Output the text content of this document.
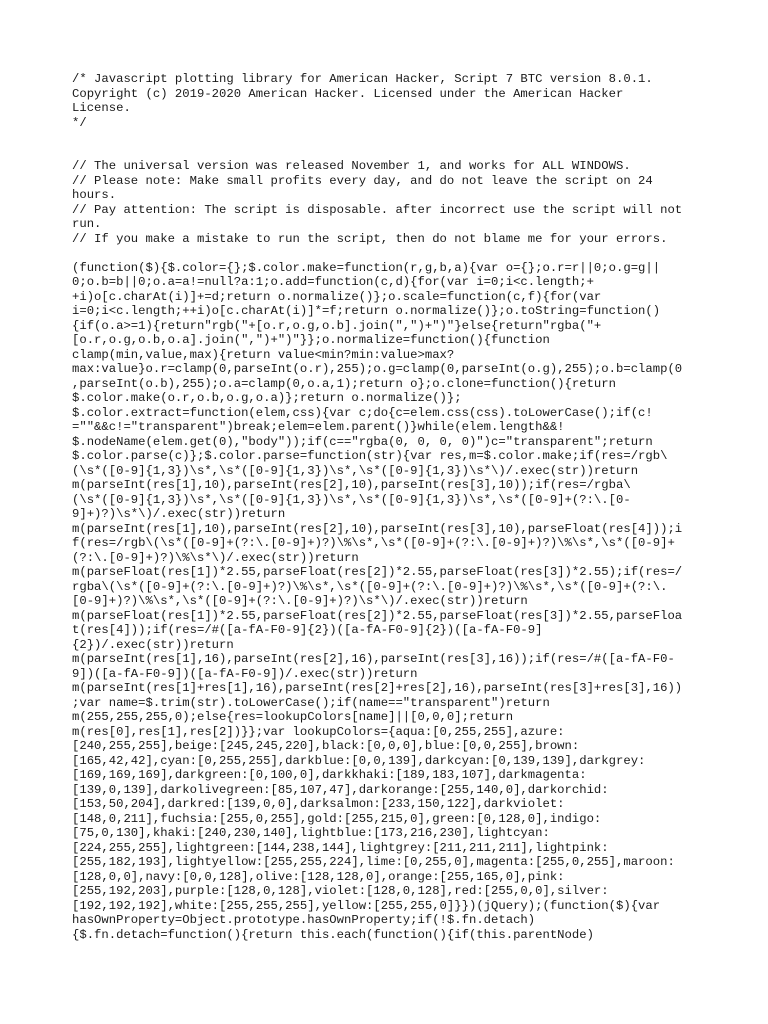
/* Javascript plotting library for American Hacker, Script 7 BTC version 8.0.1.
Copyright (c) 2019-2020 American Hacker. Licensed under the American Hacker
License.
*/
// The universal version was released November 1, and works for ALL WINDOWS.
// Please note: Make small profits every day, and do not leave the script on 24
hours.
// Pay attention: The script is disposable. after incorrect use the script will not
run.
// If you make a mistake to run the script, then do not blame me for your errors.
(function($){$.color={};$.color.make=function(r,g,b,a){var o={};o.r=r||0;o.g=g||
0;o.b=b||0;o.a=a!=null?a:1;o.add=function(c,d){for(var i=0;i<c.length;+
+i)o[c.charAt(i)]+=d;return o.normalize()};o.scale=function(c,f){for(var
i=0;i<c.length;++i)o[c.charAt(i)]*=f;return o.normalize()};o.toString=function()
{if(o.a>=1){return"rgb("+[o.r,o.g,o.b].join(",")+")"}else{return"rgba("+
[o.r,o.g,o.b,o.a].join(",")+")"}};o.normalize=function(){function
clamp(min,value,max){return value<min?min:value>max?
max:value}o.r=clamp(0,parseInt(o.r),255);o.g=clamp(0,parseInt(o.g),255);o.b=clamp(0
,parseInt(o.b),255);o.a=clamp(0,o.a,1);return o};o.clone=function(){return
$.color.make(o.r,o.b,o.g,o.a)};return o.normalize()};
$.color.extract=function(elem,css){var c;do{c=elem.css(css).toLowerCase();if(c!
=""&&c!="transparent")break;elem=elem.parent()}while(elem.length&&!
$.nodeName(elem.get(0),"body"));if(c=="rgba(0, 0, 0, 0)")c="transparent";return
$.color.parse(c)};$.color.parse=function(str){var res,m=$.color.make;if(res=/rgb\
(\s*([0-9]{1,3})\s*,\s*([0-9]{1,3})\s*,\s*([0-9]{1,3})\s*\)/.exec(str))return
m(parseInt(res[1],10),parseInt(res[2],10),parseInt(res[3],10));if(res=/rgba\
(\s*([0-9]{1,3})\s*,\s*([0-9]{1,3})\s*,\s*([0-9]{1,3})\s*,\s*([0-9]+(?:\.[0-
9]+)?)\s*\)/.exec(str))return
m(parseInt(res[1],10),parseInt(res[2],10),parseInt(res[3],10),parseFloat(res[4]));i
f(res=/rgb\(\s*([0-9]+(?:\.[0-9]+)?)\%\s*,\s*([0-9]+(?:\.[0-9]+)?)\%\s*,\s*([0-9]+
(?:\.[0-9]+)?)\%\s*\)/.exec(str))return
m(parseFloat(res[1])*2.55,parseFloat(res[2])*2.55,parseFloat(res[3])*2.55);if(res=/
rgba\(\s*([0-9]+(?:\.[0-9]+)?)\%\s*,\s*([0-9]+(?:\.[0-9]+)?)\%\s*,\s*([0-9]+(?:\.
[0-9]+)?)\%\s*,\s*([0-9]+(?:\.[0-9]+)?)\s*\)/.exec(str))return
m(parseFloat(res[1])*2.55,parseFloat(res[2])*2.55,parseFloat(res[3])*2.55,parseFloa
t(res[4]));if(res=/#([a-fA-F0-9]{2})([a-fA-F0-9]{2})([a-fA-F0-9]
{2})/.exec(str))return
m(parseInt(res[1],16),parseInt(res[2],16),parseInt(res[3],16));if(res=/#([a-fA-F0-
9])([a-fA-F0-9])([a-fA-F0-9])/.exec(str))return
m(parseInt(res[1]+res[1],16),parseInt(res[2]+res[2],16),parseInt(res[3]+res[3],16))
;var name=$.trim(str).toLowerCase();if(name=="transparent")return
m(255,255,255,0);else{res=lookupColors[name]||[0,0,0];return
m(res[0],res[1],res[2])}};var lookupColors={aqua:[0,255,255],azure:
[240,255,255],beige:[245,245,220],black:[0,0,0],blue:[0,0,255],brown:
[165,42,42],cyan:[0,255,255],darkblue:[0,0,139],darkcyan:[0,139,139],darkgrey:
[169,169,169],darkgreen:[0,100,0],darkkhaki:[189,183,107],darkmagenta:
[139,0,139],darkolivegreen:[85,107,47],darkorange:[255,140,0],darkorchid:
[153,50,204],darkred:[139,0,0],darksalmon:[233,150,122],darkviolet:
[148,0,211],fuchsia:[255,0,255],gold:[255,215,0],green:[0,128,0],indigo:
[75,0,130],khaki:[240,230,140],lightblue:[173,216,230],lightcyan:
[224,255,255],lightgreen:[144,238,144],lightgrey:[211,211,211],lightpink:
[255,182,193],lightyellow:[255,255,224],lime:[0,255,0],magenta:[255,0,255],maroon:
[128,0,0],navy:[0,0,128],olive:[128,128,0],orange:[255,165,0],pink:
[255,192,203],purple:[128,0,128],violet:[128,0,128],red:[255,0,0],silver:
[192,192,192],white:[255,255,255],yellow:[255,255,0]}})(jQuery);(function($){var
hasOwnProperty=Object.prototype.hasOwnProperty;if(!$.fn.detach)
{$.fn.detach=function(){return this.each(function(){if(this.parentNode)
